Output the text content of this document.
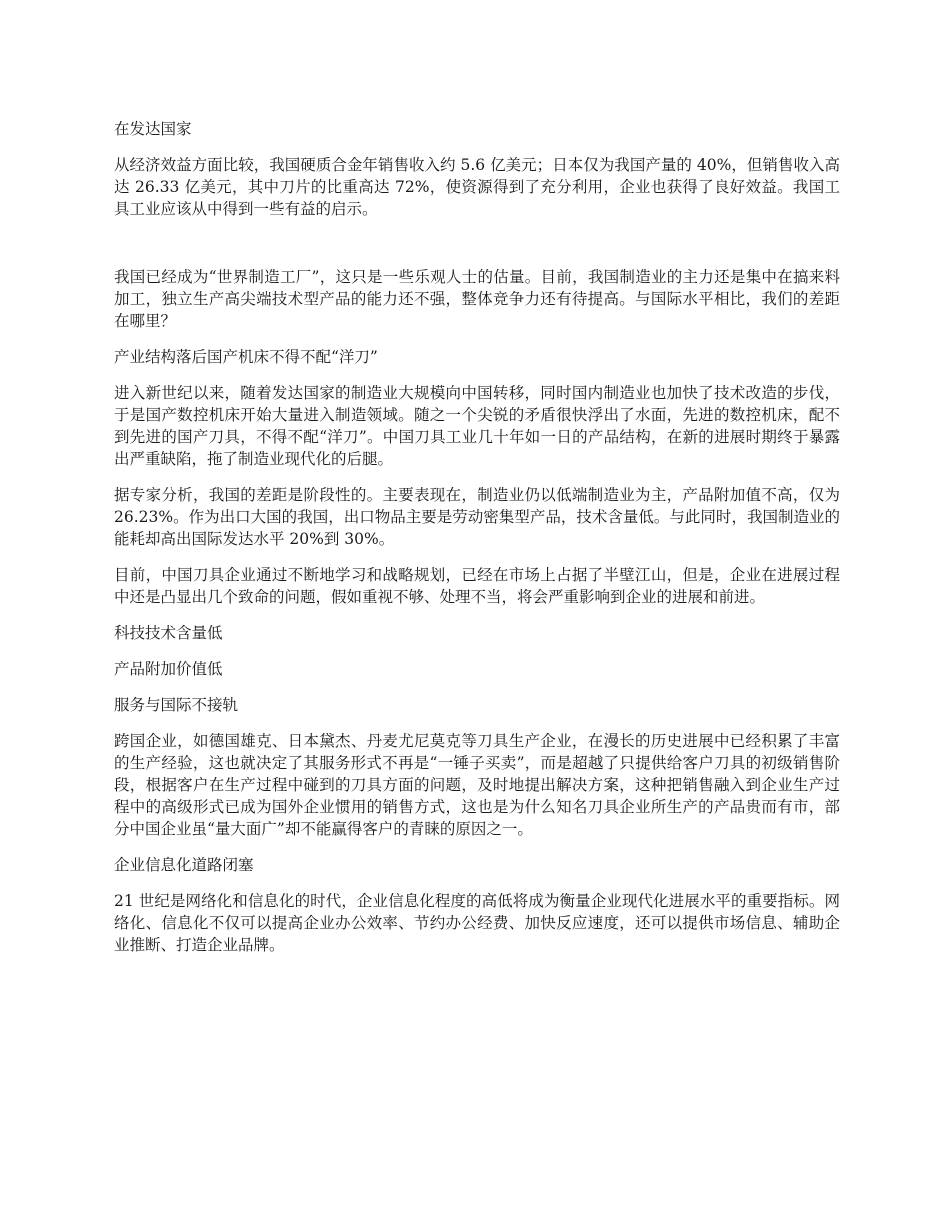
在发达国家

从经济效益方面比较，我国硬质合金年销售收入约 5.6 亿美元；日本仅为我国产量的 40%，但销售收入高达 26.33 亿美元，其中刀片的比重高达 72%，使资源得到了充分利用，企业也获得了良好效益。我国工具工业应该从中得到一些有益的启示。

我国已经成为“世界制造工厂”，这只是一些乐观人士的估量。目前，我国制造业的主力还是集中在搞来料加工，独立生产高尖端技术型产品的能力还不强，整体竞争力还有待提高。与国际水平相比，我们的差距在哪里？

产业结构落后国产机床不得不配“洋刀”

进入新世纪以来，随着发达国家的制造业大规模向中国转移，同时国内制造业也加快了技术改造的步伐，于是国产数控机床开始大量进入制造领域。随之一个尖锐的矛盾很快浮出了水面，先进的数控机床，配不到先进的国产刀具，不得不配“洋刀”。中国刀具工业几十年如一日的产品结构，在新的进展时期终于暴露出严重缺陷，拖了制造业现代化的后腿。

据专家分析，我国的差距是阶段性的。主要表现在，制造业仍以低端制造业为主，产品附加值不高，仅为 26.23%。作为出口大国的我国，出口物品主要是劳动密集型产品，技术含量低。与此同时，我国制造业的能耗却高出国际发达水平 20%到 30%。

目前，中国刀具企业通过不断地学习和战略规划，已经在市场上占据了半壁江山，但是，企业在进展过程中还是凸显出几个致命的问题，假如重视不够、处理不当，将会严重影响到企业的进展和前进。

科技技术含量低
产品附加价值低
服务与国际不接轨

跨国企业，如德国雄克、日本黛杰、丹麦尤尼莫克等刀具生产企业，在漫长的历史进展中已经积累了丰富的生产经验，这也就决定了其服务形式不再是“一锤子买卖”，而是超越了只提供给客户刀具的初级销售阶段，根据客户在生产过程中碰到的刀具方面的问题，及时地提出解决方案，这种把销售融入到企业生产过程中的高级形式已成为国外企业惯用的销售方式，这也是为什么知名刀具企业所生产的产品贵而有市，部分中国企业虽“量大面广”却不能赢得客户的青睐的原因之一。

企业信息化道路闭塞

21 世纪是网络化和信息化的时代，企业信息化程度的高低将成为衡量企业现代化进展水平的重要指标。网络化、信息化不仅可以提高企业办公效率、节约办公经费、加快反应速度，还可以提供市场信息、辅助企业推断、打造企业品牌。
